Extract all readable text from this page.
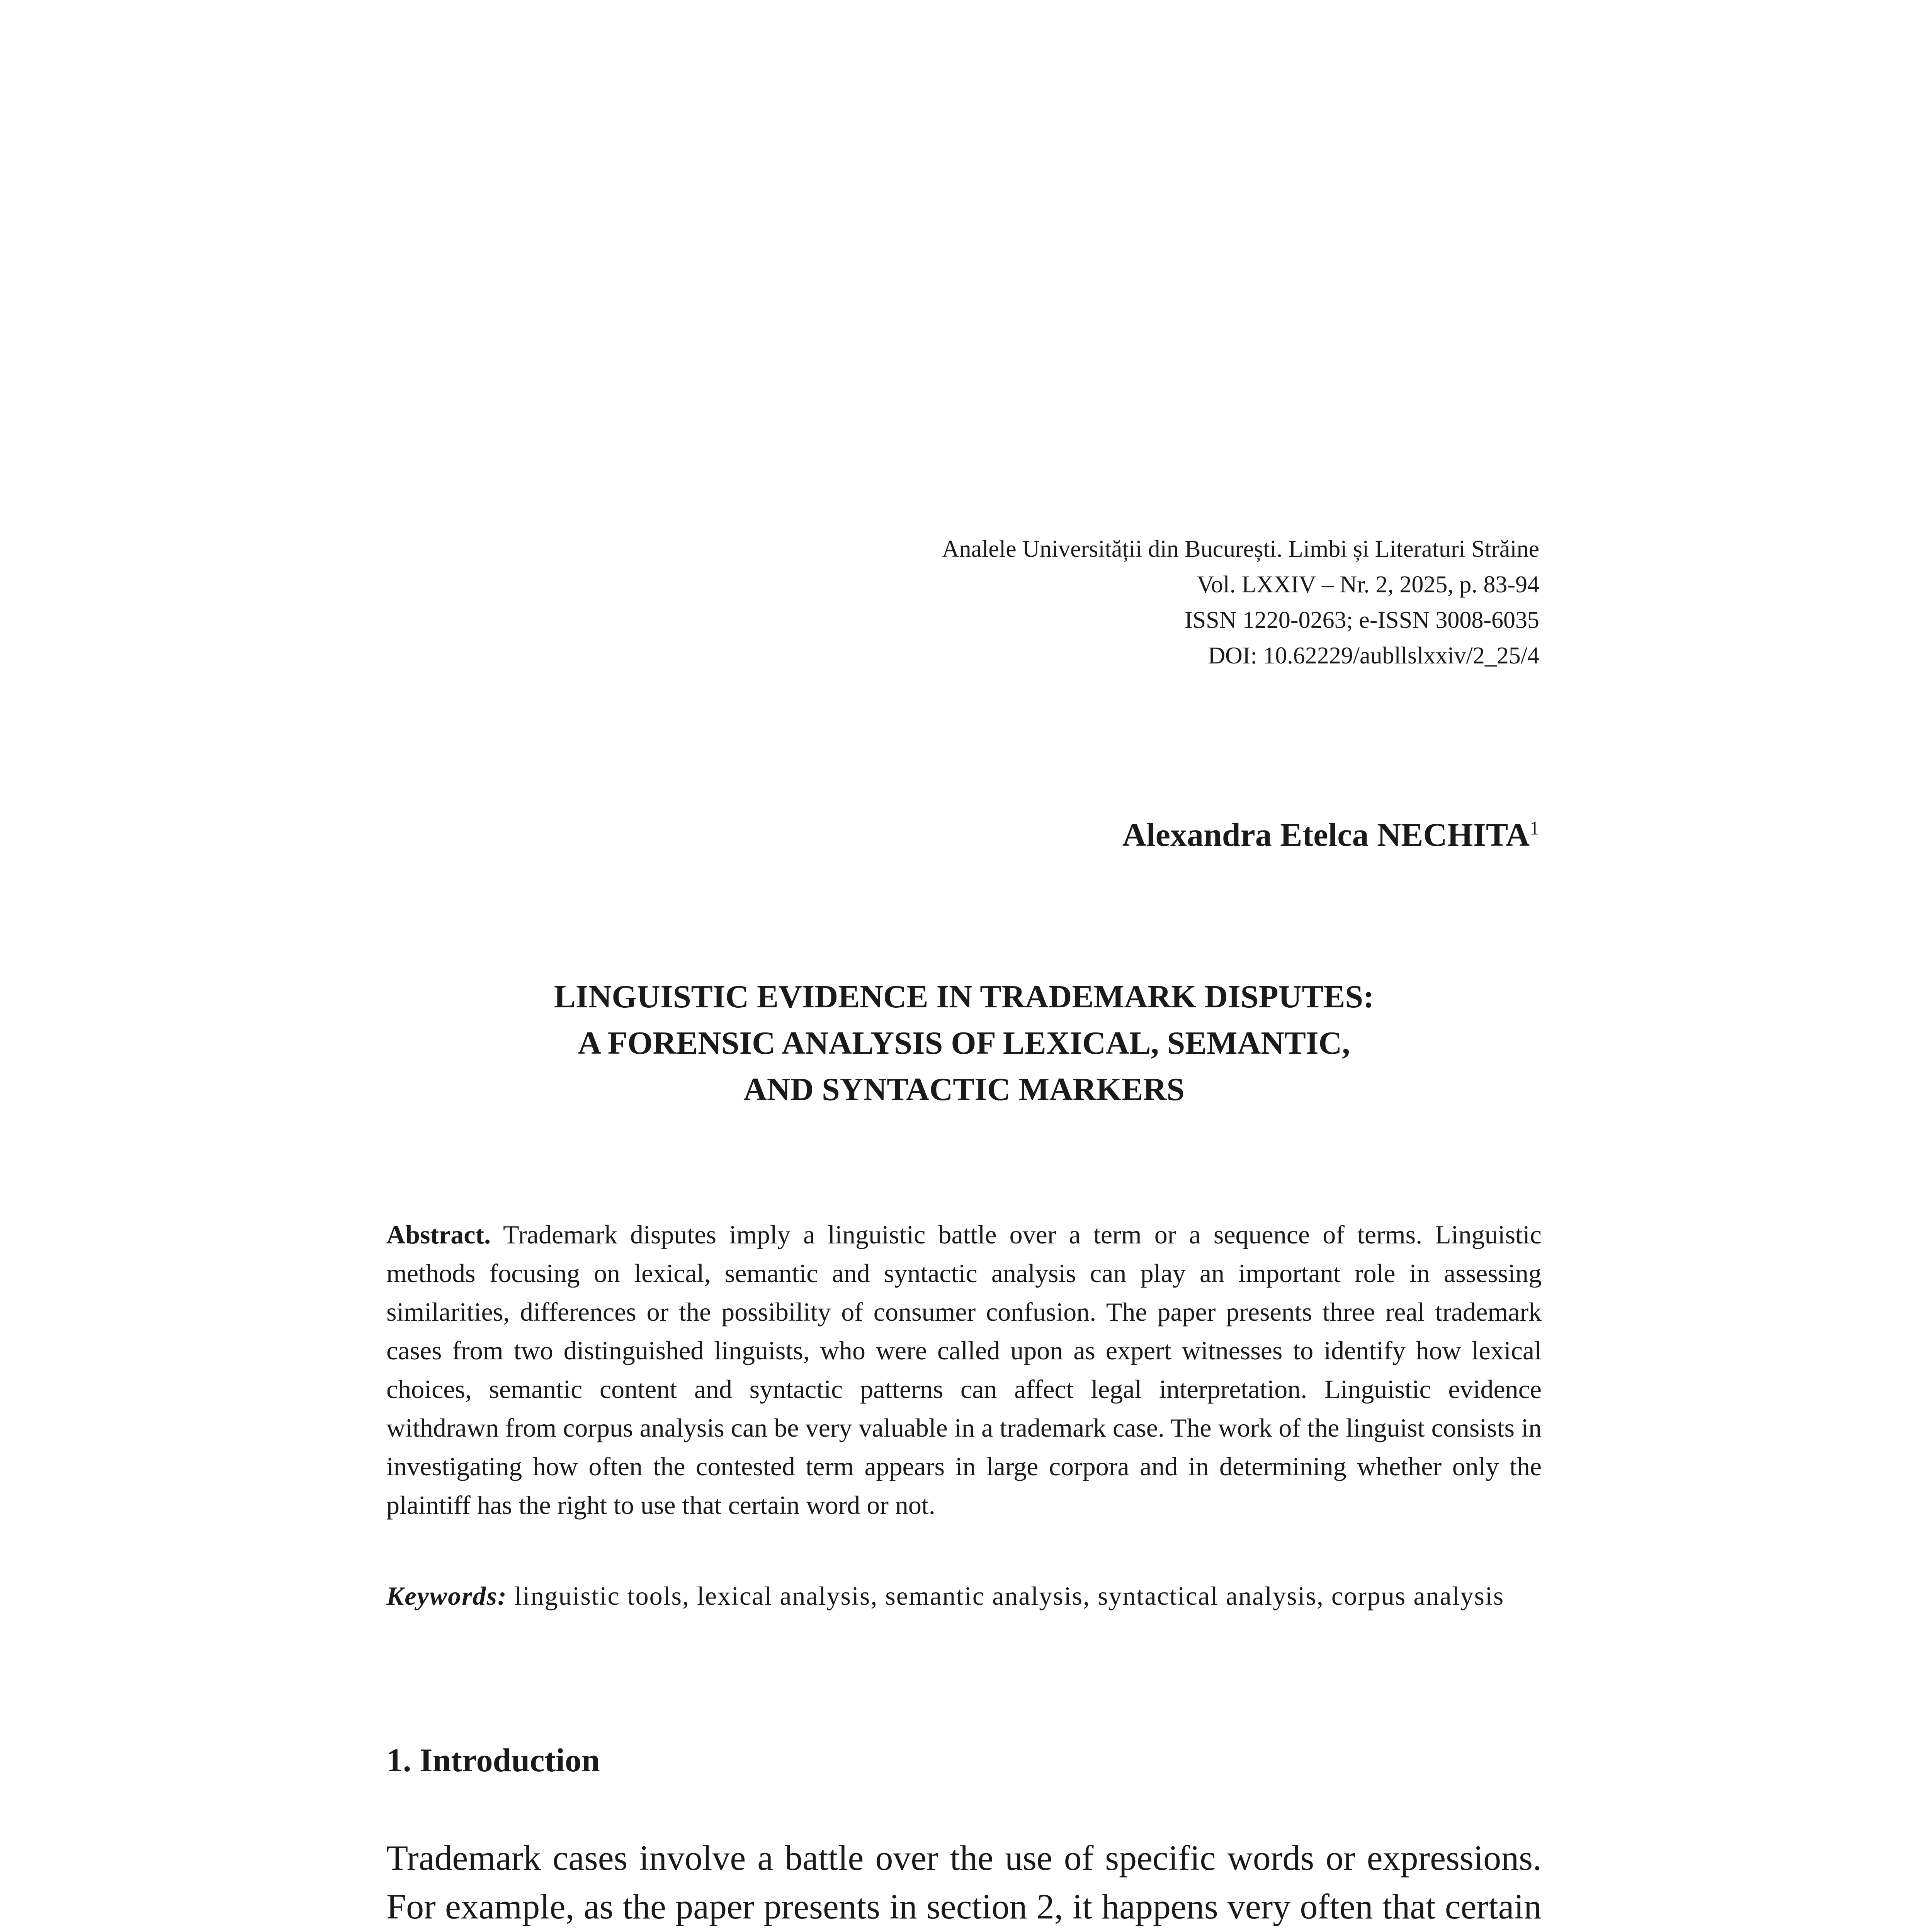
Analele Universității din București. Limbi și Literaturi Străine
Vol. LXXIV – Nr. 2, 2025, p. 83-94
ISSN 1220-0263; e-ISSN 3008-6035
DOI: 10.62229/aubllslxxiv/2_25/4
Alexandra Etelca NECHITA$^1$
LINGUISTIC EVIDENCE IN TRADEMARK DISPUTES:
A FORENSIC ANALYSIS OF LEXICAL, SEMANTIC,
AND SYNTACTIC MARKERS
Abstract. Trademark disputes imply a linguistic battle over a term or a sequence of terms. Linguistic methods focusing on lexical, semantic and syntactic analysis can play an important role in assessing similarities, differences or the possibility of consumer confusion. The paper presents three real trademark cases from two distinguished linguists, who were called upon as expert witnesses to identify how lexical choices, semantic content and syntactic patterns can affect legal interpretation. Linguistic evidence withdrawn from corpus analysis can be very valuable in a trademark case. The work of the linguist consists in investigating how often the contested term appears in large corpora and in determining whether only the plaintiff has the right to use that certain word or not.
Keywords: linguistic tools, lexical analysis, semantic analysis, syntactical analysis, corpus analysis
1. Introduction
Trademark cases involve a battle over the use of specific words or expressions. For example, as the paper presents in section 2, it happens very often that certain
